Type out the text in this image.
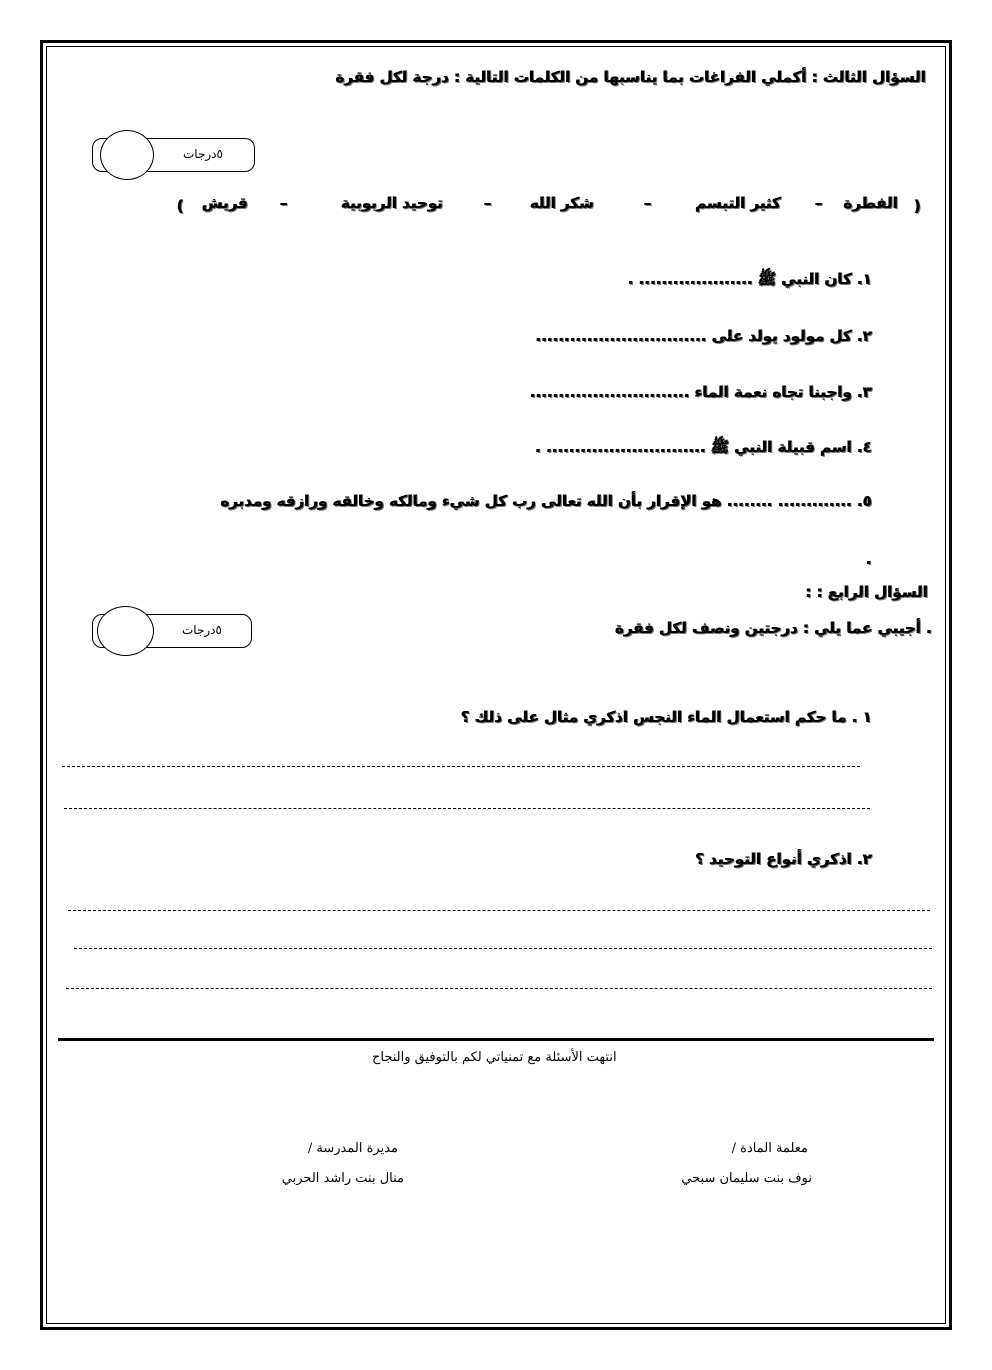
السؤال الثالث : أكملي الفراغات بما يناسبها من الكلمات التالية : درجة لكل فقرة
٥درجات
(
الفطرة
–
كثير التبسم
–
شكر الله
–
توحيد الربوبية
–
قريش
)
١. كان النبي ﷺ .................... .
٢. كل مولود يولد على ..............................
٣. واجبنا تجاه نعمة الماء ............................
٤. اسم قبيلة النبي ﷺ ............................ .
٥. ............. ........ هو الإقرار بأن الله تعالى رب كل شيء ومالكه وخالقه ورازقه ومدبره
.
السؤال الرابع : :
. أجيبي عما يلي : درجتين ونصف لكل فقرة
٥درجات
١ . ما حكم استعمال الماء النجس اذكري مثال على ذلك ؟
٢. اذكري أنواع التوحيد ؟
انتهت الأسئلة مع تمنياتي لكم بالتوفيق والنجاح
معلمة المادة /
نوف بنت سليمان سبحي
مديرة المدرسة /
منال بنت راشد الحربي
